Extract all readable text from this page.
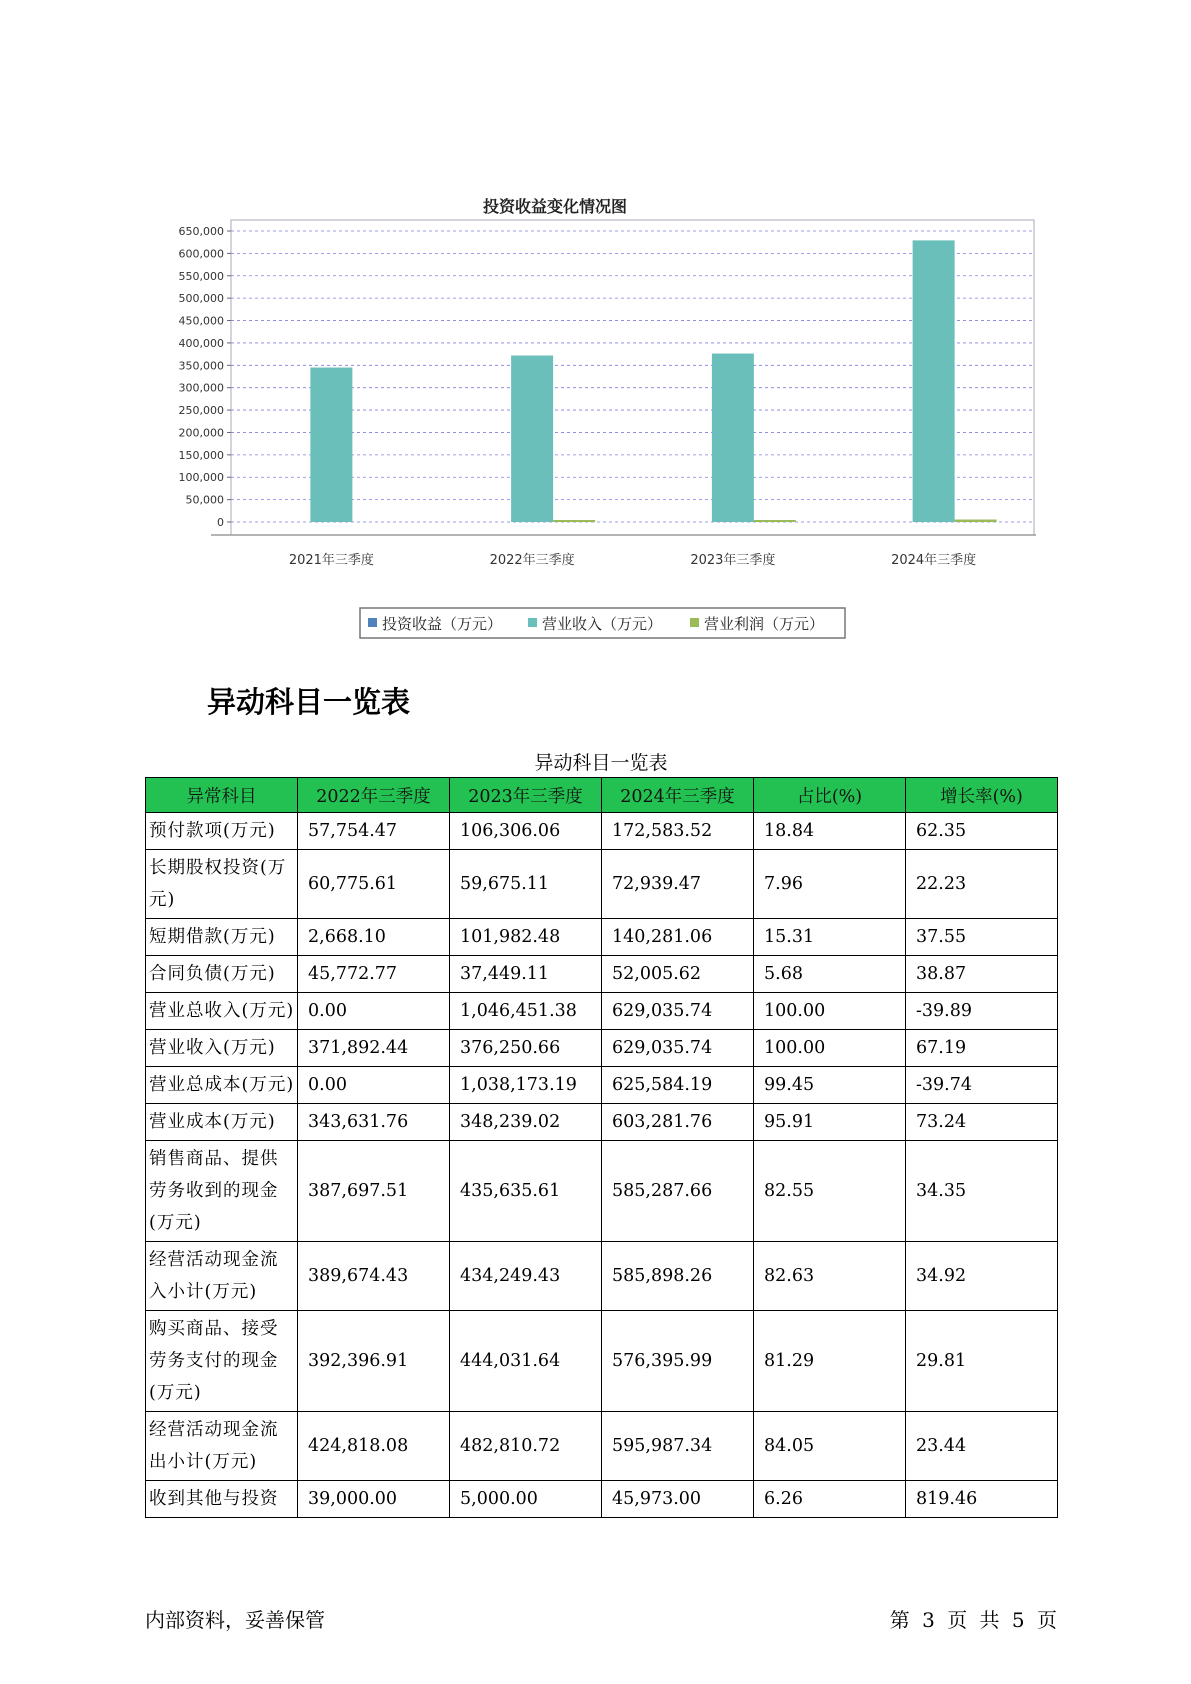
投资收益变化情况图
0
50,000
100,000
150,000
200,000
250,000
300,000
350,000
400,000
450,000
500,000
550,000
600,000
650,000
2021年三季度	2022年三季度	2023年三季度	2024年三季度
投资收益（万元）	营业收入（万元）	营业利润（万元）
异动科目一览表
异动科目一览表
异常科目	2022年三季度	2023年三季度	2024年三季度	占比(%)	增长率(%)
预付款项(万元)	57,754.47	106,306.06	172,583.52	18.84	62.35
长期股权投资(万元)	60,775.61	59,675.11	72,939.47	7.96	22.23
短期借款(万元)	2,668.10	101,982.48	140,281.06	15.31	37.55
合同负债(万元)	45,772.77	37,449.11	52,005.62	5.68	38.87
营业总收入(万元)	0.00	1,046,451.38	629,035.74	100.00	-39.89
营业收入(万元)	371,892.44	376,250.66	629,035.74	100.00	67.19
营业总成本(万元)	0.00	1,038,173.19	625,584.19	99.45	-39.74
营业成本(万元)	343,631.76	348,239.02	603,281.76	95.91	73.24
销售商品、提供劳务收到的现金(万元)	387,697.51	435,635.61	585,287.66	82.55	34.35
经营活动现金流入小计(万元)	389,674.43	434,249.43	585,898.26	82.63	34.92
购买商品、接受劳务支付的现金(万元)	392,396.91	444,031.64	576,395.99	81.29	29.81
经营活动现金流出小计(万元)	424,818.08	482,810.72	595,987.34	84.05	23.44
收到其他与投资	39,000.00	5,000.00	45,973.00	6.26	819.46
内部资料，妥善保管	第 3 页 共 5 页
